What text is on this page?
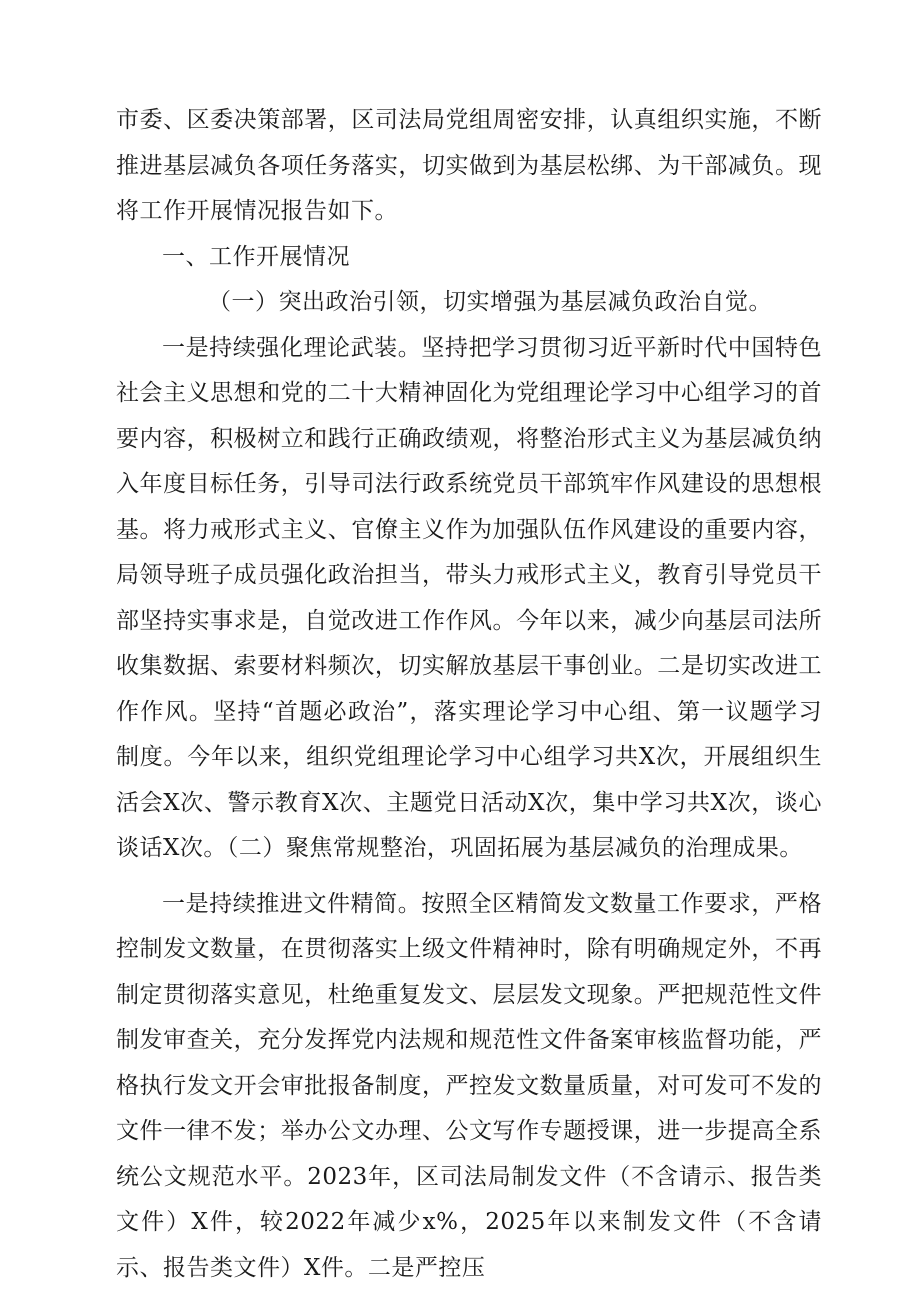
市委、区委决策部署，区司法局党组周密安排，认真组织实施，不断推进基层减负各项任务落实，切实做到为基层松绑、为干部减负。现将工作开展情况报告如下。

一、工作开展情况

（一）突出政治引领，切实增强为基层减负政治自觉。

一是持续强化理论武装。坚持把学习贯彻习近平新时代中国特色社会主义思想和党的二十大精神固化为党组理论学习中心组学习的首要内容，积极树立和践行正确政绩观，将整治形式主义为基层减负纳入年度目标任务，引导司法行政系统党员干部筑牢作风建设的思想根基。将力戒形式主义、官僚主义作为加强队伍作风建设的重要内容，局领导班子成员强化政治担当，带头力戒形式主义，教育引导党员干部坚持实事求是，自觉改进工作作风。今年以来，减少向基层司法所收集数据、索要材料频次，切实解放基层干事创业。二是切实改进工作作风。坚持“首题必政治”，落实理论学习中心组、第一议题学习制度。今年以来，组织党组理论学习中心组学习共X次，开展组织生活会X次、警示教育X次、主题党日活动X次，集中学习共X次，谈心谈话X次。（二）聚焦常规整治，巩固拓展为基层减负的治理成果。

一是持续推进文件精简。按照全区精简发文数量工作要求，严格控制发文数量，在贯彻落实上级文件精神时，除有明确规定外，不再制定贯彻落实意见，杜绝重复发文、层层发文现象。严把规范性文件制发审查关，充分发挥党内法规和规范性文件备案审核监督功能，严格执行发文开会审批报备制度，严控发文数量质量，对可发可不发的文件一律不发；举办公文办理、公文写作专题授课，进一步提高全系统公文规范水平。2023年，区司法局制发文件（不含请示、报告类文件）X件，较2022年减少x%，2025年以来制发文件（不含请示、报告类文件）X件。二是严控压
